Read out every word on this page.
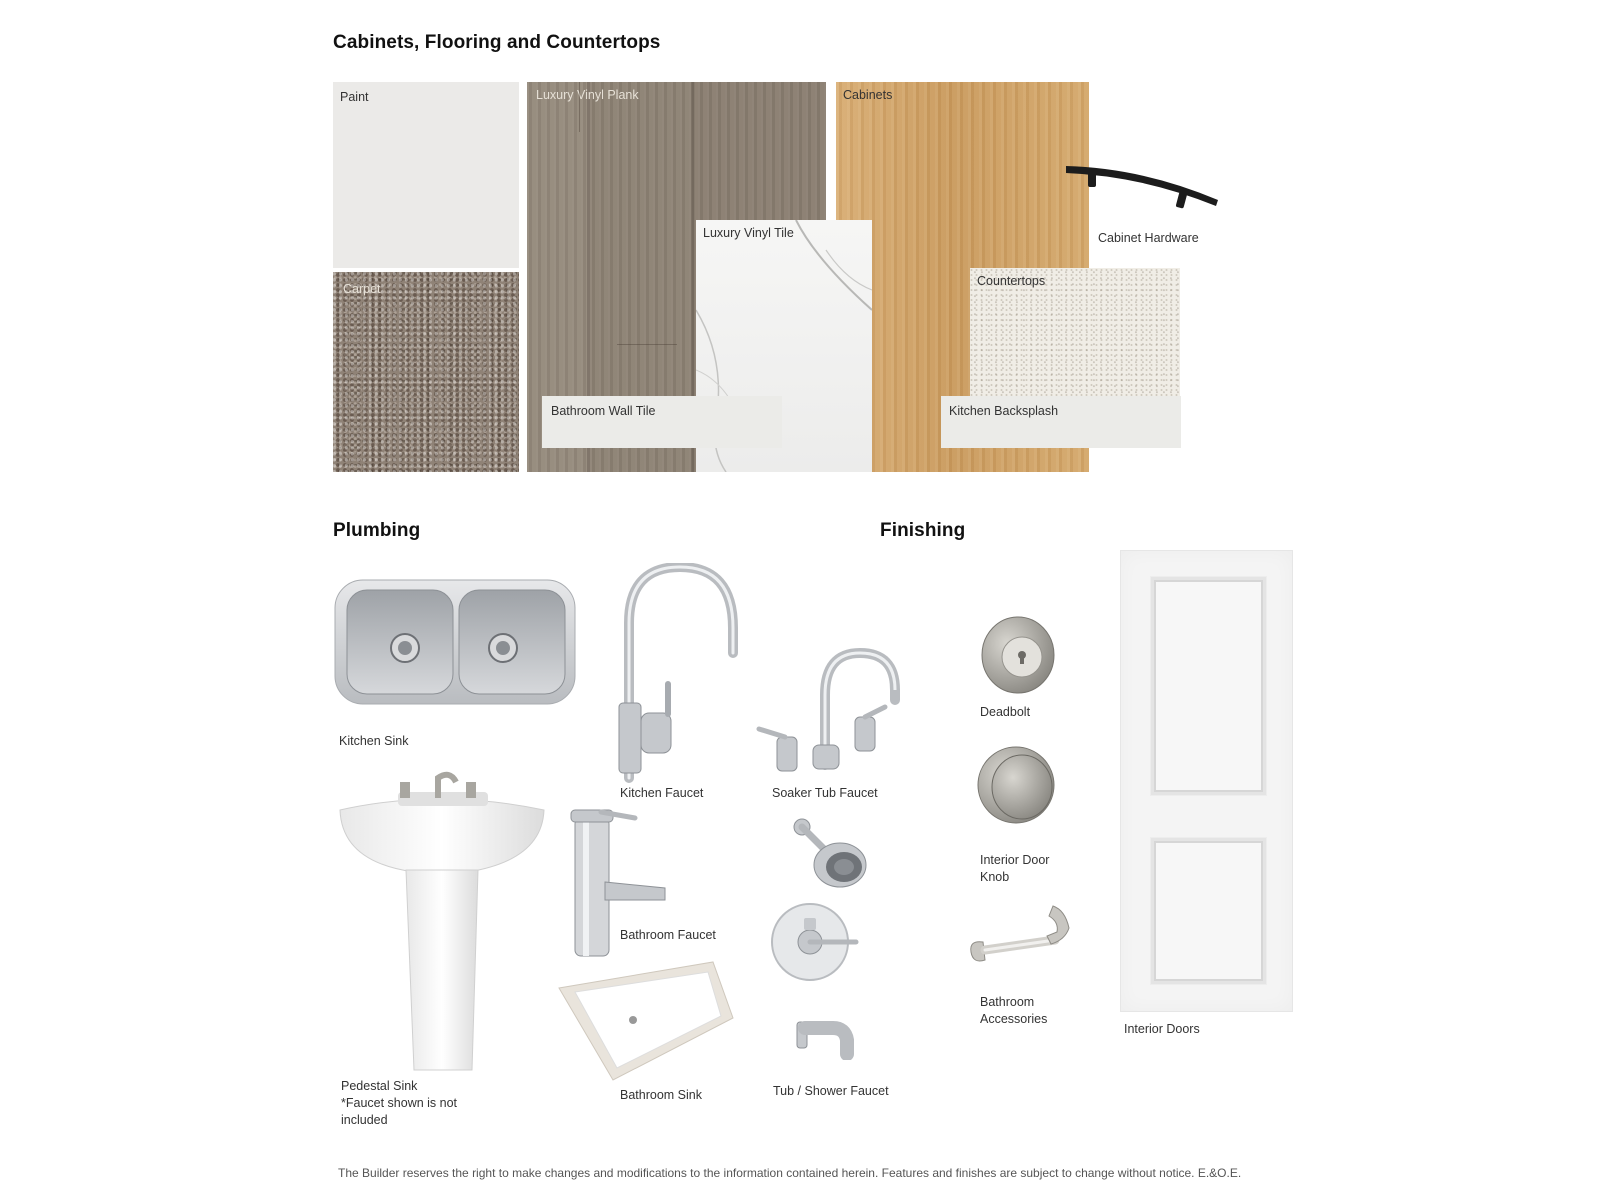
Cabinets, Flooring and Countertops
Paint
Carpet
Luxury Vinyl Plank	Cabinets
Cabinet Hardware
Luxury Vinyl Tile
Countertops
Bathroom Wall Tile	Kitchen Backsplash
Plumbing
Kitchen Sink
Kitchen Faucet	Soaker Tub Faucet
Tub / Shower Faucet
Bathroom Faucet
Bathroom Sink
Pedestal Sink
*Faucet shown is not
included
Finishing
Deadbolt
Interior Door
Knob
Bathroom
Accessories
Interior Doors
The Builder reserves the right to make changes and modifications to the information contained herein. Features and finishes are subject to change without notice. E.&O.E.
